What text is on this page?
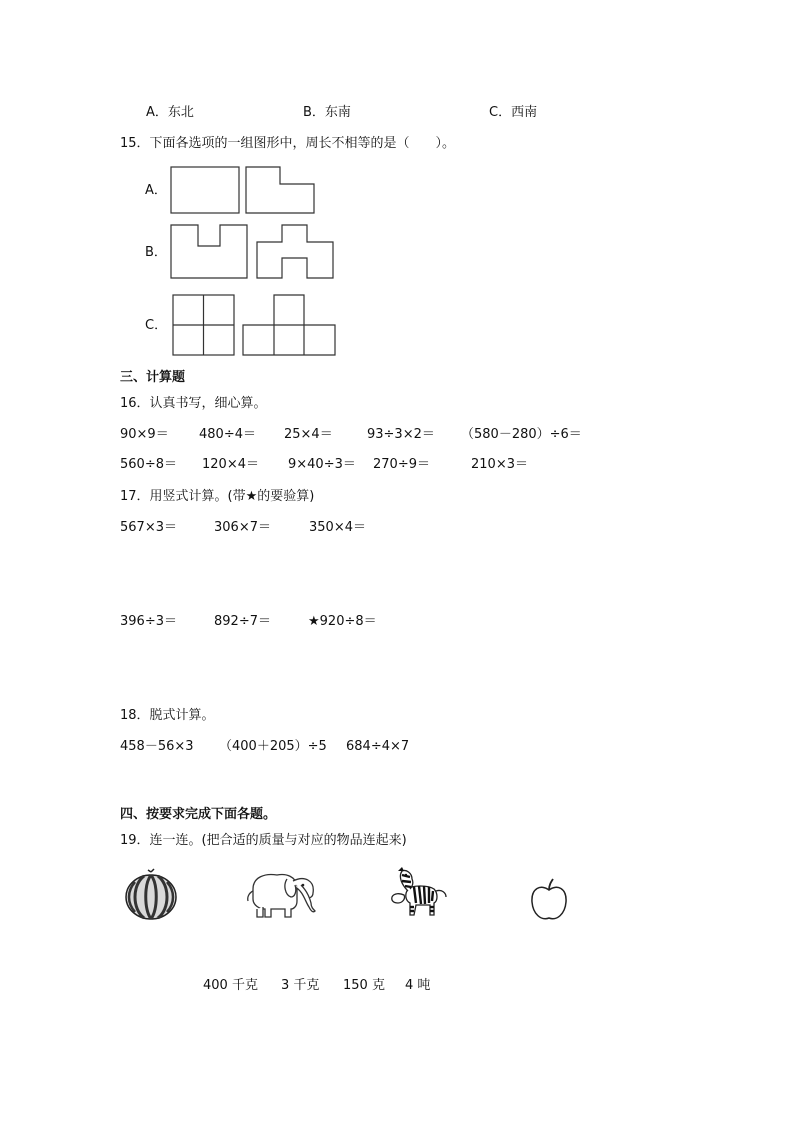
A．东北	B．东南	C．西南
15．下面各选项的一组图形中，周长不相等的是（　　）。
A．
B．
C．
三、计算题
16．认真书写，细心算。
90×9＝ 480÷4＝ 25×4＝	93÷3×2＝ （580－280）÷6＝
560÷8＝ 120×4＝ 9×40÷3＝ 270÷9＝	210×3＝
17．用竖式计算。(带★的要验算)
567×3＝	306×7＝	350×4＝
396÷3＝	892÷7＝	★920÷8＝
18．脱式计算。
458－56×3 （400＋205）÷5 684÷4×7
四、按要求完成下面各题。
19．连一连。(把合适的质量与对应的物品连起来)
400 千克 3 千克 150 克 4 吨
